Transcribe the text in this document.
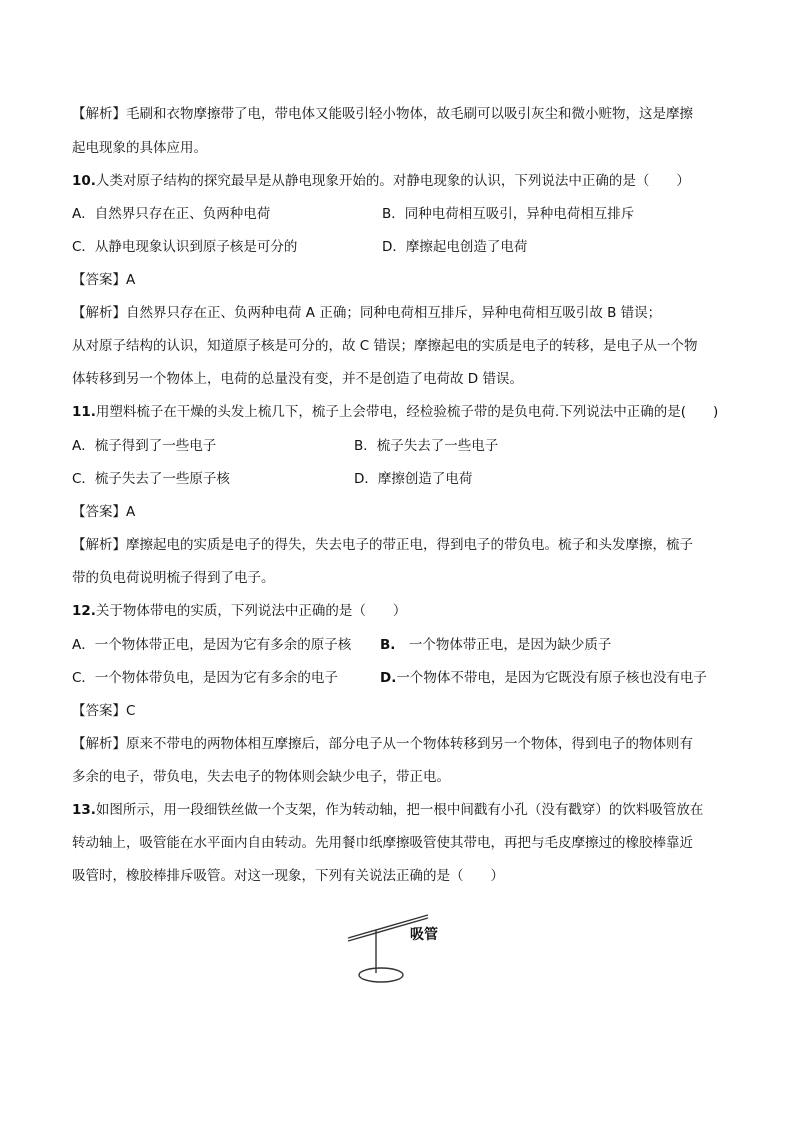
【解析】毛刷和衣物摩擦带了电，带电体又能吸引轻小物体，故毛刷可以吸引灰尘和微小赃物，这是摩擦
起电现象的具体应用。
10.人类对原子结构的探究最早是从静电现象开始的。对静电现象的认识，下列说法中正确的是（　　）
A．自然界只存在正、负两种电荷	B．同种电荷相互吸引，异种电荷相互排斥
C．从静电现象认识到原子核是可分的	D．摩擦起电创造了电荷
【答案】A
【解析】自然界只存在正、负两种电荷 A 正确；同种电荷相互排斥，异种电荷相互吸引故 B 错误；
从对原子结构的认识，知道原子核是可分的，故 C 错误；摩擦起电的实质是电子的转移，是电子从一个物
体转移到另一个物体上，电荷的总量没有变，并不是创造了电荷故 D 错误。
11.用塑料梳子在干燥的头发上梳几下，梳子上会带电，经检验梳子带的是负电荷.下列说法中正确的是(　　)
A．梳子得到了一些电子	B．梳子失去了一些电子
C．梳子失去了一些原子核	D．摩擦创造了电荷
【答案】A
【解析】摩擦起电的实质是电子的得失，失去电子的带正电，得到电子的带负电。梳子和头发摩擦，梳子
带的负电荷说明梳子得到了电子。
12.关于物体带电的实质，下列说法中正确的是（　　）
A．一个物体带正电，是因为它有多余的原子核 B.　一个物体带正电，是因为缺少质子
C．一个物体带负电，是因为它有多余的电子	D.一个物体不带电，是因为它既没有原子核也没有电子
【答案】C
【解析】原来不带电的两物体相互摩擦后，部分电子从一个物体转移到另一个物体，得到电子的物体则有
多余的电子，带负电，失去电子的物体则会缺少电子，带正电。
13.如图所示，用一段细铁丝做一个支架，作为转动轴，把一根中间戳有小孔（没有戳穿）的饮料吸管放在
转动轴上，吸管能在水平面内自由转动。先用餐巾纸摩擦吸管使其带电，再把与毛皮摩擦过的橡胶棒靠近
吸管时，橡胶棒排斥吸管。对这一现象，下列有关说法正确的是（　　）
吸管
